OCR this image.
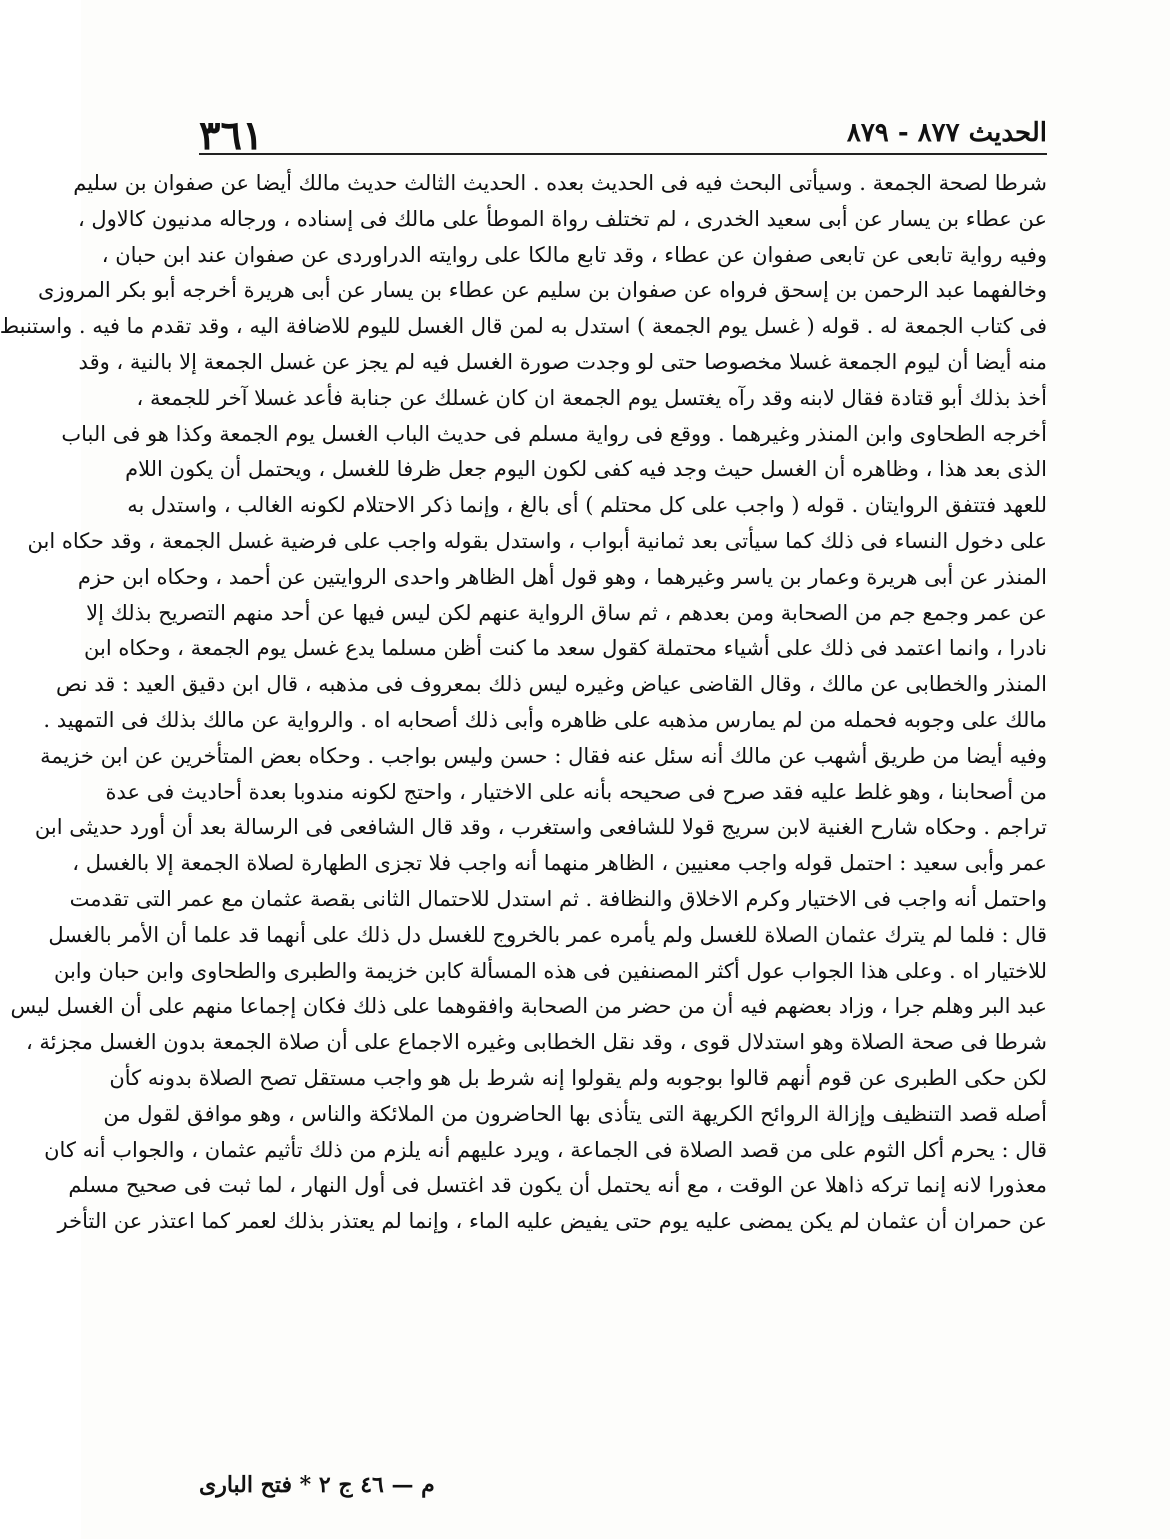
الحديث ٨٧٧ - ٨٧٩
٣٦١
شرطا لصحة الجمعة . وسيأتى البحث فيه فى الحديث بعده . الحديث الثالث حديث مالك أيضا عن صفوان بن سليم
عن عطاء بن يسار عن أبى سعيد الخدرى ، لم تختلف رواة الموطأ على مالك فى إسناده ، ورجاله مدنيون كالاول ،
وفيه رواية تابعى عن تابعى صفوان عن عطاء ، وقد تابع مالكا على روايته الدراوردى عن صفوان عند ابن حبان ،
وخالفهما عبد الرحمن بن إسحق فرواه عن صفوان بن سليم عن عطاء بن يسار عن أبى هريرة أخرجه أبو بكر المروزى
فى كتاب الجمعة له . قوله ( غسل يوم الجمعة ) استدل به لمن قال الغسل لليوم للاضافة اليه ، وقد تقدم ما فيه . واستنبط
منه أيضا أن ليوم الجمعة غسلا مخصوصا حتى لو وجدت صورة الغسل فيه لم يجز عن غسل الجمعة إلا بالنية ، وقد
أخذ بذلك أبو قتادة فقال لابنه وقد رآه يغتسل يوم الجمعة ان كان غسلك عن جنابة فأعد غسلا آخر للجمعة ،
أخرجه الطحاوى وابن المنذر وغيرهما . ووقع فى رواية مسلم فى حديث الباب الغسل يوم الجمعة وكذا هو فى الباب
الذى بعد هذا ، وظاهره أن الغسل حيث وجد فيه كفى لكون اليوم جعل ظرفا للغسل ، ويحتمل أن يكون اللام
للعهد فتتفق الروايتان . قوله ( واجب على كل محتلم ) أى بالغ ، وإنما ذكر الاحتلام لكونه الغالب ، واستدل به
على دخول النساء فى ذلك كما سيأتى بعد ثمانية أبواب ، واستدل بقوله واجب على فرضية غسل الجمعة ، وقد حكاه ابن
المنذر عن أبى هريرة وعمار بن ياسر وغيرهما ، وهو قول أهل الظاهر واحدى الروايتين عن أحمد ، وحكاه ابن حزم
عن عمر وجمع جم من الصحابة ومن بعدهم ، ثم ساق الرواية عنهم لكن ليس فيها عن أحد منهم التصريح بذلك إلا
نادرا ، وانما اعتمد فى ذلك على أشياء محتملة كقول سعد ما كنت أظن مسلما يدع غسل يوم الجمعة ، وحكاه ابن
المنذر والخطابى عن مالك ، وقال القاضى عياض وغيره ليس ذلك بمعروف فى مذهبه ، قال ابن دقيق العيد : قد نص
مالك على وجوبه فحمله من لم يمارس مذهبه على ظاهره وأبى ذلك أصحابه اه . والرواية عن مالك بذلك فى التمهيد .
وفيه أيضا من طريق أشهب عن مالك أنه سئل عنه فقال : حسن وليس بواجب . وحكاه بعض المتأخرين عن ابن خزيمة
من أصحابنا ، وهو غلط عليه فقد صرح فى صحيحه بأنه على الاختيار ، واحتج لكونه مندوبا بعدة أحاديث فى عدة
تراجم . وحكاه شارح الغنية لابن سريج قولا للشافعى واستغرب ، وقد قال الشافعى فى الرسالة بعد أن أورد حديثى ابن
عمر وأبى سعيد : احتمل قوله واجب معنيين ، الظاهر منهما أنه واجب فلا تجزى الطهارة لصلاة الجمعة إلا بالغسل ،
واحتمل أنه واجب فى الاختيار وكرم الاخلاق والنظافة . ثم استدل للاحتمال الثانى بقصة عثمان مع عمر التى تقدمت
قال : فلما لم يترك عثمان الصلاة للغسل ولم يأمره عمر بالخروج للغسل دل ذلك على أنهما قد علما أن الأمر بالغسل
للاختيار اه . وعلى هذا الجواب عول أكثر المصنفين فى هذه المسألة كابن خزيمة والطبرى والطحاوى وابن حبان وابن
عبد البر وهلم جرا ، وزاد بعضهم فيه أن من حضر من الصحابة وافقوهما على ذلك فكان إجماعا منهم على أن الغسل ليس
شرطا فى صحة الصلاة وهو استدلال قوى ، وقد نقل الخطابى وغيره الاجماع على أن صلاة الجمعة بدون الغسل مجزئة ،
لكن حكى الطبرى عن قوم أنهم قالوا بوجوبه ولم يقولوا إنه شرط بل هو واجب مستقل تصح الصلاة بدونه كأن
أصله قصد التنظيف وإزالة الروائح الكريهة التى يتأذى بها الحاضرون من الملائكة والناس ، وهو موافق لقول من
قال : يحرم أكل الثوم على من قصد الصلاة فى الجماعة ، ويرد عليهم أنه يلزم من ذلك تأثيم عثمان ، والجواب أنه كان
معذورا لانه إنما تركه ذاهلا عن الوقت ، مع أنه يحتمل أن يكون قد اغتسل فى أول النهار ، لما ثبت فى صحيح مسلم
عن حمران أن عثمان لم يكن يمضى عليه يوم حتى يفيض عليه الماء ، وإنما لم يعتذر بذلك لعمر كما اعتذر عن التأخر
م — ٤٦ ج ٢ * فتح البارى
